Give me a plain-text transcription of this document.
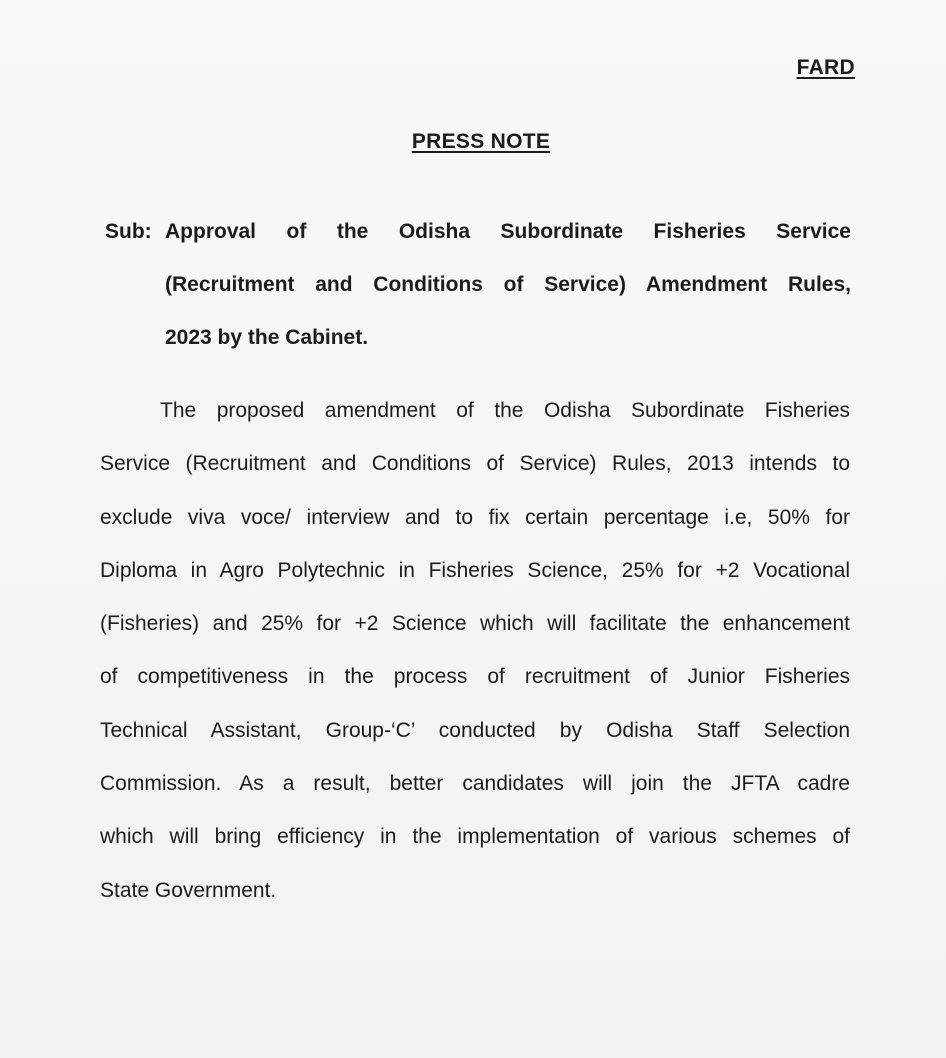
FARD
PRESS NOTE
Sub: Approval of the Odisha Subordinate Fisheries Service
(Recruitment and Conditions of Service) Amendment Rules,
2023 by the Cabinet.
The proposed amendment of the Odisha Subordinate Fisheries
Service (Recruitment and Conditions of Service) Rules, 2013 intends to
exclude viva voce/ interview and to fix certain percentage i.e, 50% for
Diploma in Agro Polytechnic in Fisheries Science, 25% for +2 Vocational
(Fisheries) and 25% for +2 Science which will facilitate the enhancement
of competitiveness in the process of recruitment of Junior Fisheries
Technical Assistant, Group-‘C’ conducted by Odisha Staff Selection
Commission. As a result, better candidates will join the JFTA cadre
which will bring efficiency in the implementation of various schemes of
State Government.
